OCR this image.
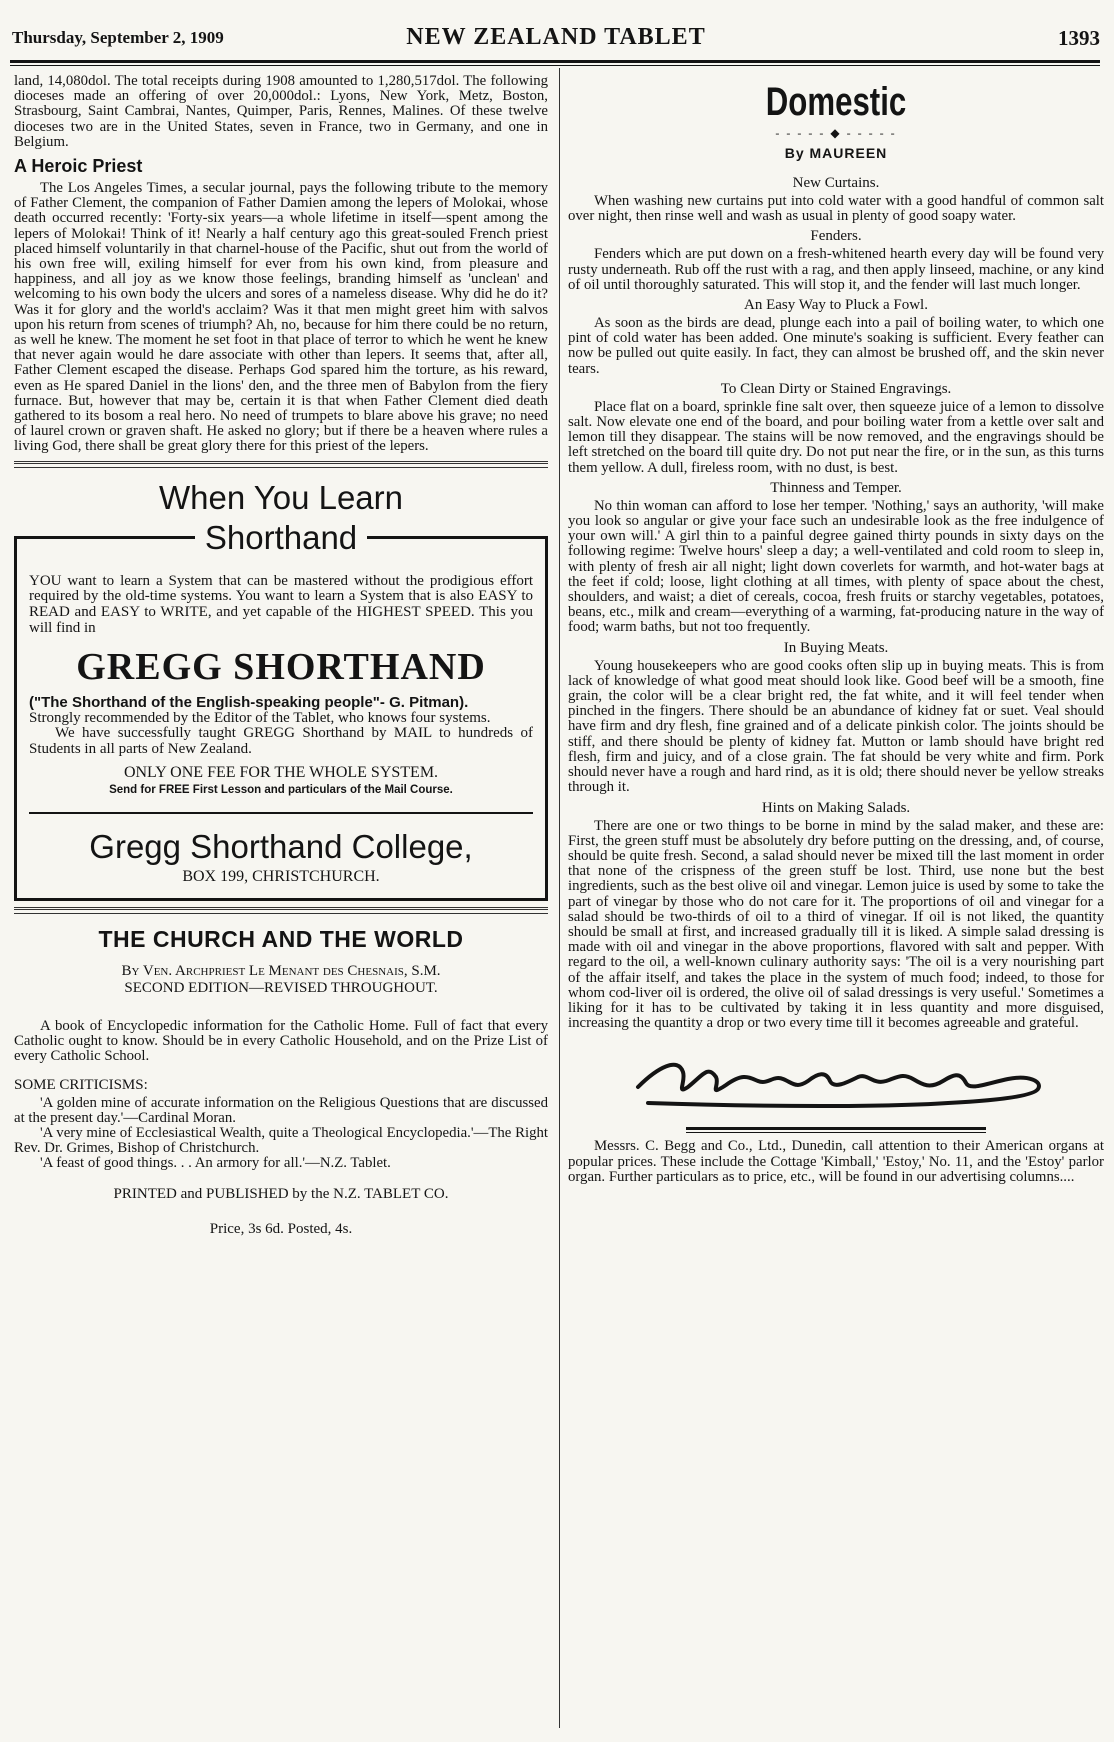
Thursday, September 2, 1909	NEW ZEALAND TABLET	1393

land, 14,080dol. The total receipts during 1908 amounted to 1,280,517dol. The following dioceses made an offering of over 20,000dol.: Lyons, New York, Metz, Boston, Strasbourg, Saint Cambrai, Nantes, Quimper, Paris, Rennes, Malines. Of these twelve dioceses two are in the United States, seven in France, two in Germany, and one in Belgium.

A Heroic Priest

The Los Angeles Times, a secular journal, pays the following tribute to the memory of Father Clement, the companion of Father Damien among the lepers of Molokai, whose death occurred recently: 'Forty-six years—a whole lifetime in itself—spent among the lepers of Molokai! Think of it! Nearly a half century ago this great-souled French priest placed himself voluntarily in that charnel-house of the Pacific, shut out from the world of his own free will, exiling himself for ever from his own kind, from pleasure and happiness, and all joy as we know those feelings, branding himself as 'unclean' and welcoming to his own body the ulcers and sores of a nameless disease. Why did he do it? Was it for glory and the world's acclaim? Was it that men might greet him with salvos upon his return from scenes of triumph? Ah, no, because for him there could be no return, as well he knew. The moment he set foot in that place of terror to which he went he knew that never again would he dare associate with other than lepers. It seems that, after all, Father Clement escaped the disease. Perhaps God spared him the torture, as his reward, even as He spared Daniel in the lions' den, and the three men of Babylon from the fiery furnace. But, however that may be, certain it is that when Father Clement died death gathered to its bosom a real hero. No need of trumpets to blare above his grave; no need of laurel crown or graven shaft. He asked no glory; but if there be a heaven where rules a living God, there shall be great glory there for this priest of the lepers.

When You Learn
Shorthand

YOU want to learn a System that can be mastered without the prodigious effort required by the old-time systems. You want to learn a System that is also EASY to READ and EASY to WRITE, and yet capable of the HIGHEST SPEED. This you will find in

GREGG SHORTHAND

("The Shorthand of the English-speaking people"- G. Pitman).

Strongly recommended by the Editor of the Tablet, who knows four systems.

We have successfully taught GREGG Shorthand by MAIL to hundreds of Students in all parts of New Zealand.

ONLY ONE FEE FOR THE WHOLE SYSTEM.
Send for FREE First Lesson and particulars of the Mail Course.
Gregg Shorthand College,
BOX 199, CHRISTCHURCH.
THE CHURCH AND THE WORLD
By Ven. Archpriest Le Menant des Chesnais, S.M.
SECOND EDITION—REVISED THROUGHOUT.

A book of Encyclopedic information for the Catholic Home. Full of fact that every Catholic ought to know. Should be in every Catholic Household, and on the Prize List of every Catholic School.

SOME CRITICISMS:

'A golden mine of accurate information on the Religious Questions that are discussed at the present day.'—Cardinal Moran.

'A very mine of Ecclesiastical Wealth, quite a Theological Encyclopedia.'—The Right Rev. Dr. Grimes, Bishop of Christchurch.

'A feast of good things. . . An armory for all.'—N.Z. Tablet.

PRINTED and PUBLISHED by the N.Z. TABLET CO.
Price, 3s 6d. Posted, 4s.
Domestic
- - - - - ◆ - - - - -
By MAUREEN
New Curtains.

When washing new curtains put into cold water with a good handful of common salt over night, then rinse well and wash as usual in plenty of good soapy water.

Fenders.

Fenders which are put down on a fresh-whitened hearth every day will be found very rusty underneath. Rub off the rust with a rag, and then apply linseed, machine, or any kind of oil until thoroughly saturated. This will stop it, and the fender will last much longer.

An Easy Way to Pluck a Fowl.

As soon as the birds are dead, plunge each into a pail of boiling water, to which one pint of cold water has been added. One minute's soaking is sufficient. Every feather can now be pulled out quite easily. In fact, they can almost be brushed off, and the skin never tears.

To Clean Dirty or Stained Engravings.

Place flat on a board, sprinkle fine salt over, then squeeze juice of a lemon to dissolve salt. Now elevate one end of the board, and pour boiling water from a kettle over salt and lemon till they disappear. The stains will be now removed, and the engravings should be left stretched on the board till quite dry. Do not put near the fire, or in the sun, as this turns them yellow. A dull, fireless room, with no dust, is best.

Thinness and Temper.

No thin woman can afford to lose her temper. 'Nothing,' says an authority, 'will make you look so angular or give your face such an undesirable look as the free indulgence of your own will.' A girl thin to a painful degree gained thirty pounds in sixty days on the following regime: Twelve hours' sleep a day; a well-ventilated and cold room to sleep in, with plenty of fresh air all night; light down coverlets for warmth, and hot-water bags at the feet if cold; loose, light clothing at all times, with plenty of space about the chest, shoulders, and waist; a diet of cereals, cocoa, fresh fruits or starchy vegetables, potatoes, beans, etc., milk and cream—everything of a warming, fat-producing nature in the way of food; warm baths, but not too frequently.

In Buying Meats.

Young housekeepers who are good cooks often slip up in buying meats. This is from lack of knowledge of what good meat should look like. Good beef will be a smooth, fine grain, the color will be a clear bright red, the fat white, and it will feel tender when pinched in the fingers. There should be an abundance of kidney fat or suet. Veal should have firm and dry flesh, fine grained and of a delicate pinkish color. The joints should be stiff, and there should be plenty of kidney fat. Mutton or lamb should have bright red flesh, firm and juicy, and of a close grain. The fat should be very white and firm. Pork should never have a rough and hard rind, as it is old; there should never be yellow streaks through it.

Hints on Making Salads.

There are one or two things to be borne in mind by the salad maker, and these are: First, the green stuff must be absolutely dry before putting on the dressing, and, of course, should be quite fresh. Second, a salad should never be mixed till the last moment in order that none of the crispness of the green stuff be lost. Third, use none but the best ingredients, such as the best olive oil and vinegar. Lemon juice is used by some to take the part of vinegar by those who do not care for it. The proportions of oil and vinegar for a salad should be two-thirds of oil to a third of vinegar. If oil is not liked, the quantity should be small at first, and increased gradually till it is liked. A simple salad dressing is made with oil and vinegar in the above proportions, flavored with salt and pepper. With regard to the oil, a well-known culinary authority says: 'The oil is a very nourishing part of the affair itself, and takes the place in the system of much food; indeed, to those for whom cod-liver oil is ordered, the olive oil of salad dressings is very useful.' Sometimes a liking for it has to be cultivated by taking it in less quantity and more disguised, increasing the quantity a drop or two every time till it becomes agreeable and grateful.

Messrs. C. Begg and Co., Ltd., Dunedin, call attention to their American organs at popular prices. These include the Cottage 'Kimball,' 'Estoy,' No. 11, and the 'Estoy' parlor organ. Further particulars as to price, etc., will be found in our advertising columns....
